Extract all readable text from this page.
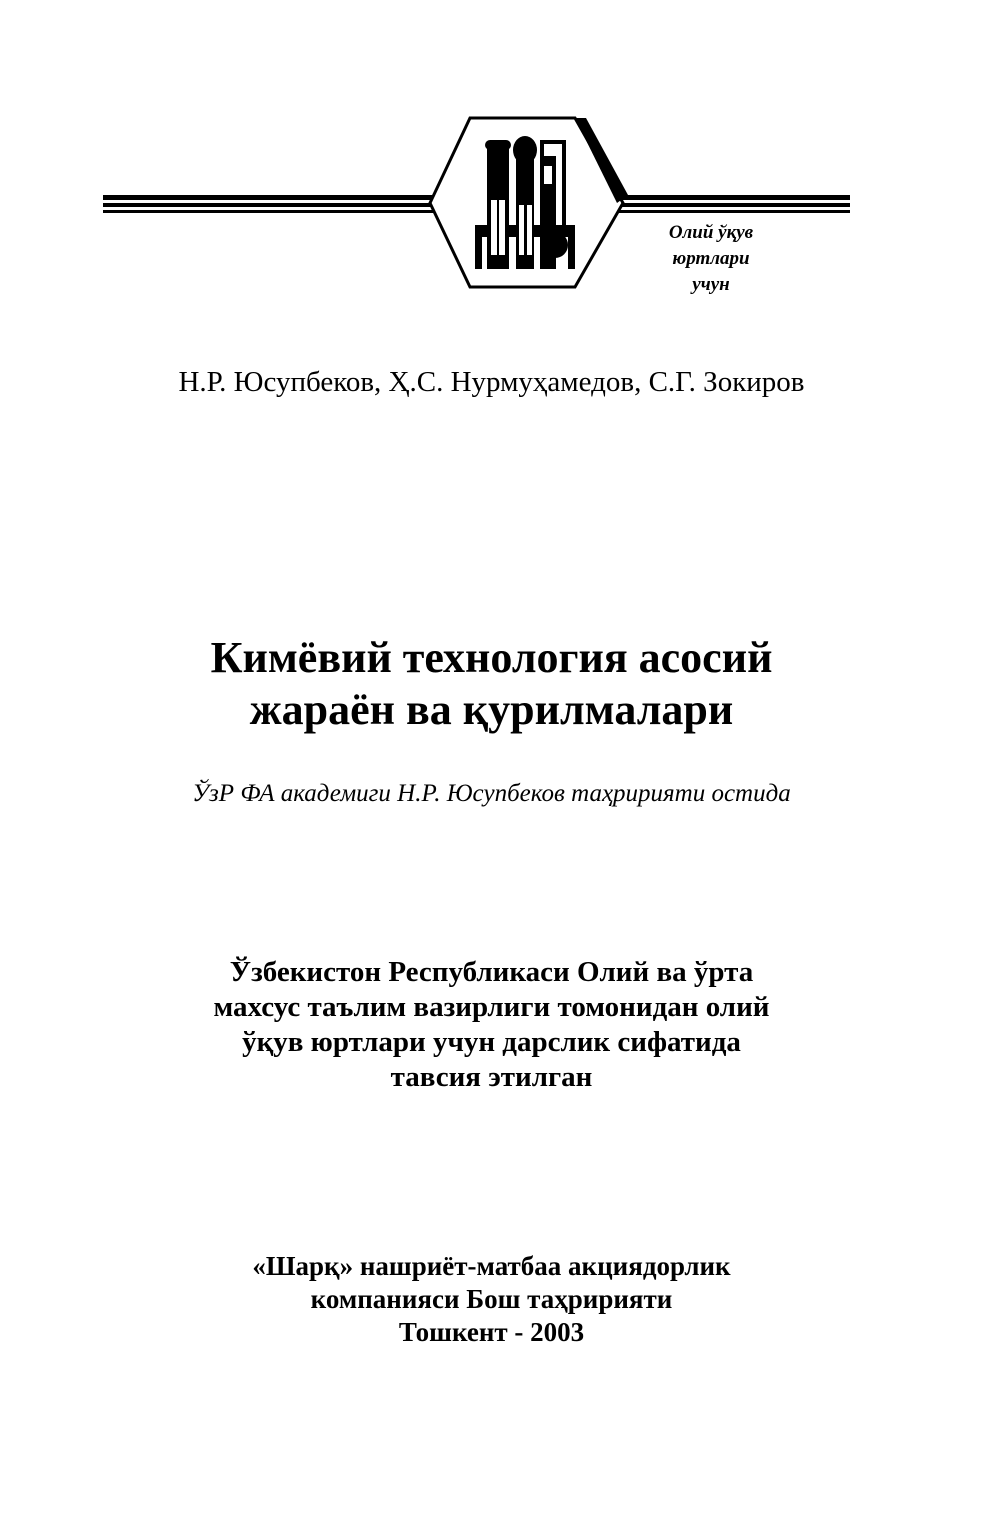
Олий ўқув
юртлари
учун

Н.Р. Юсупбеков, Ҳ.С. Нурмуҳамедов, С.Г. Зокиров

Кимёвий технология асосий
жараён ва қурилмалари

ЎзР ФА академиги Н.Р. Юсупбеков таҳририяти остида

Ўзбекистон Республикаси Олий ва ўрта
махсус таълим вазирлиги томонидан олий
ўқув юртлари учун дарслик сифатида
тавсия этилган

«Шарқ» нашриёт-матбаа акциядорлик
компанияси Бош таҳририяти
Тошкент - 2003
